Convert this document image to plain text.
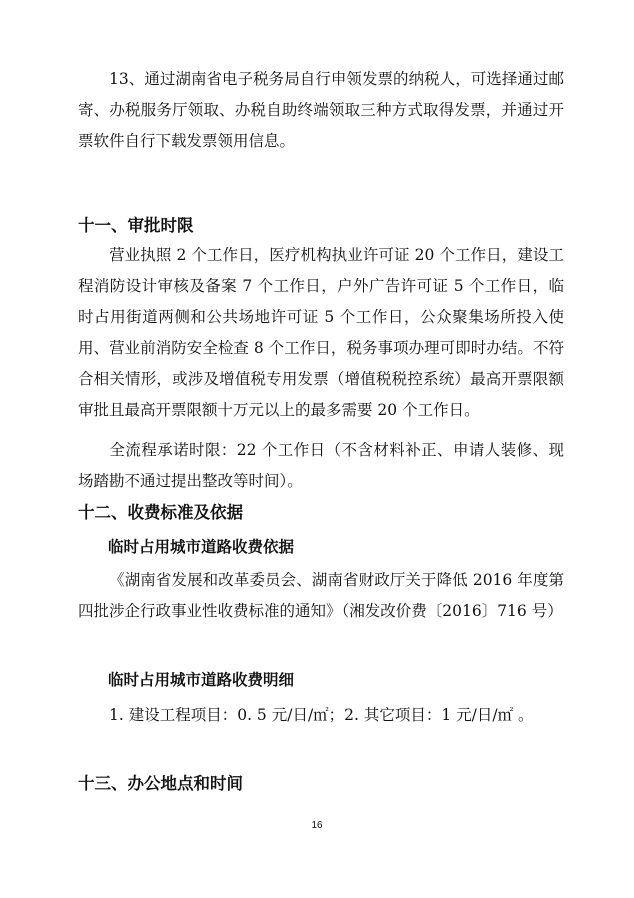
13、通过湖南省电子税务局自行申领发票的纳税人，可选择通过邮寄、办税服务厅领取、办税自助终端领取三种方式取得发票，并通过开票软件自行下载发票领用信息。

十一、审批时限

营业执照 2 个工作日，医疗机构执业许可证 20 个工作日，建设工程消防设计审核及备案 7 个工作日，户外广告许可证 5 个工作日，临时占用街道两侧和公共场地许可证 5 个工作日，公众聚集场所投入使用、营业前消防安全检查 8 个工作日，税务事项办理可即时办结。不符合相关情形，或涉及增值税专用发票（增值税税控系统）最高开票限额审批且最高开票限额十万元以上的最多需要 20 个工作日。

全流程承诺时限：22 个工作日（不含材料补正、申请人装修、现场踏勘不通过提出整改等时间）。

十二、收费标准及依据

临时占用城市道路收费依据

《湖南省发展和改革委员会、湖南省财政厅关于降低 2016 年度第四批涉企行政事业性收费标准的通知》（湘发改价费〔2016〕716 号）

临时占用城市道路收费明细

1. 建设工程项目：0. 5 元/日/㎡；2. 其它项目：1 元/日/㎡ 。

十三、办公地点和时间

16
